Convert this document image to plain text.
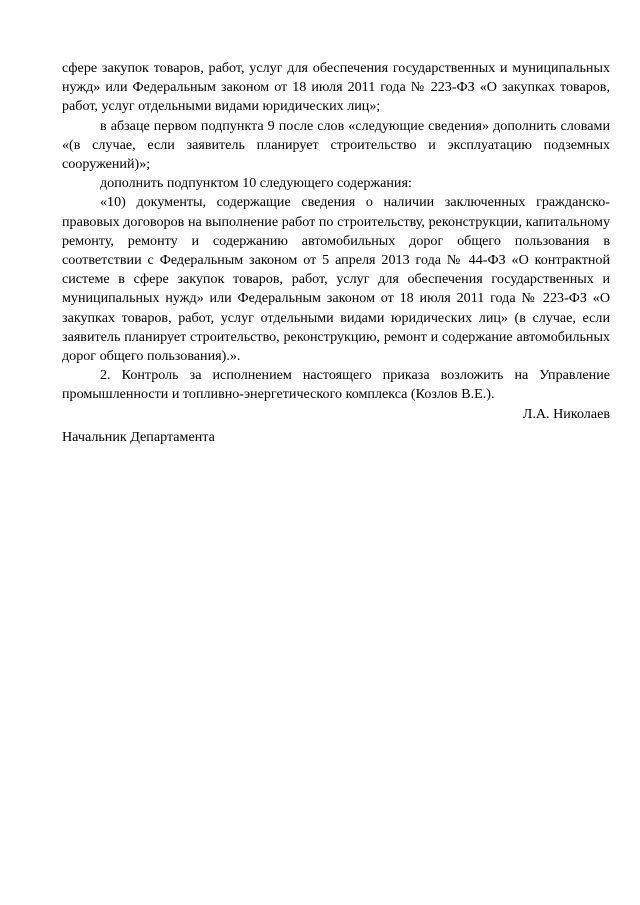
сфере закупок товаров, работ, услуг для обеспечения государственных и муниципальных нужд» или Федеральным законом от 18 июля 2011 года № 223-ФЗ «О закупках товаров, работ, услуг отдельными видами юридических лиц»;

в абзаце первом подпункта 9 после слов «следующие сведения» дополнить словами «(в случае, если заявитель планирует строительство и эксплуатацию подземных сооружений)»;

дополнить подпунктом 10 следующего содержания:

«10) документы, содержащие сведения о наличии заключенных гражданско-правовых договоров на выполнение работ по строительству, реконструкции, капитальному ремонту, ремонту и содержанию автомобильных дорог общего пользования в соответствии с Федеральным законом от 5 апреля 2013 года № 44-ФЗ «О контрактной системе в сфере закупок товаров, работ, услуг для обеспечения государственных и муниципальных нужд» или Федеральным законом от 18 июля 2011 года № 223-ФЗ «О закупках товаров, работ, услуг отдельными видами юридических лиц» (в случае, если заявитель планирует строительство, реконструкцию, ремонт и содержание автомобильных дорог общего пользования).».

2. Контроль за исполнением настоящего приказа возложить на Управление промышленности и топливно-энергетического комплекса (Козлов В.Е.).

Л.А. Николаев

Начальник Департамента
